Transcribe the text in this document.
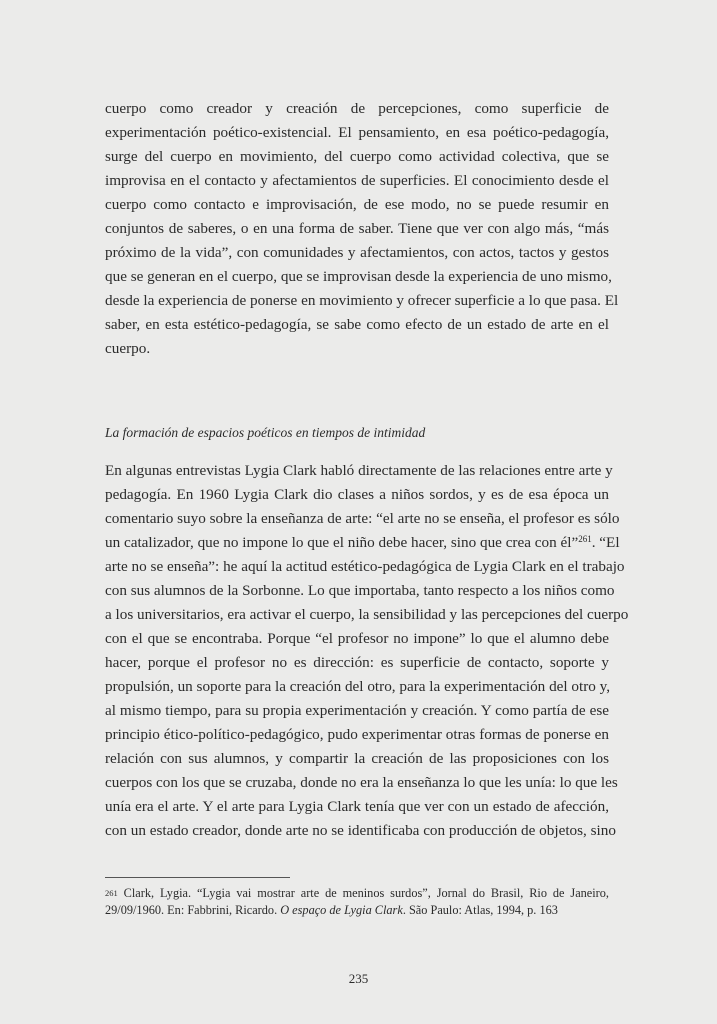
cuerpo como creador y creación de percepciones, como superficie de
experimentación poético-existencial. El pensamiento, en esa poético-pedagogía,
surge del cuerpo en movimiento, del cuerpo como actividad colectiva, que se
improvisa en el contacto y afectamientos de superficies. El conocimiento desde el
cuerpo como contacto e improvisación, de ese modo, no se puede resumir en
conjuntos de saberes, o en una forma de saber. Tiene que ver con algo más, “más
próximo de la vida”, con comunidades y afectamientos, con actos, tactos y gestos
que se generan en el cuerpo, que se improvisan desde la experiencia de uno mismo,
desde la experiencia de ponerse en movimiento y ofrecer superficie a lo que pasa. El
saber, en esta estético-pedagogía, se sabe como efecto de un estado de arte en el
cuerpo.
La formación de espacios poéticos en tiempos de intimidad
En algunas entrevistas Lygia Clark habló directamente de las relaciones entre arte y
pedagogía. En 1960 Lygia Clark dio clases a niños sordos, y es de esa época un
comentario suyo sobre la enseñanza de arte: “el arte no se enseña, el profesor es sólo
un catalizador, que no impone lo que el niño debe hacer, sino que crea con él”$^{261}$. “El
arte no se enseña”: he aquí la actitud estético-pedagógica de Lygia Clark en el trabajo
con sus alumnos de la Sorbonne. Lo que importaba, tanto respecto a los niños como
a los universitarios, era activar el cuerpo, la sensibilidad y las percepciones del cuerpo
con el que se encontraba. Porque “el profesor no impone” lo que el alumno debe
hacer, porque el profesor no es dirección: es superficie de contacto, soporte y
propulsión, un soporte para la creación del otro, para la experimentación del otro y,
al mismo tiempo, para su propia experimentación y creación. Y como partía de ese
principio ético-político-pedagógico, pudo experimentar otras formas de ponerse en
relación con sus alumnos, y compartir la creación de las proposiciones con los
cuerpos con los que se cruzaba, donde no era la enseñanza lo que les unía: lo que les
unía era el arte. Y el arte para Lygia Clark tenía que ver con un estado de afección,
con un estado creador, donde arte no se identificaba con producción de objetos, sino
261 Clark, Lygia. “Lygia vai mostrar arte de meninos surdos”, Jornal do Brasil, Rio de Janeiro,
29/09/1960. En: Fabbrini, Ricardo. O espaço de Lygia Clark. São Paulo: Atlas, 1994, p. 163
235
